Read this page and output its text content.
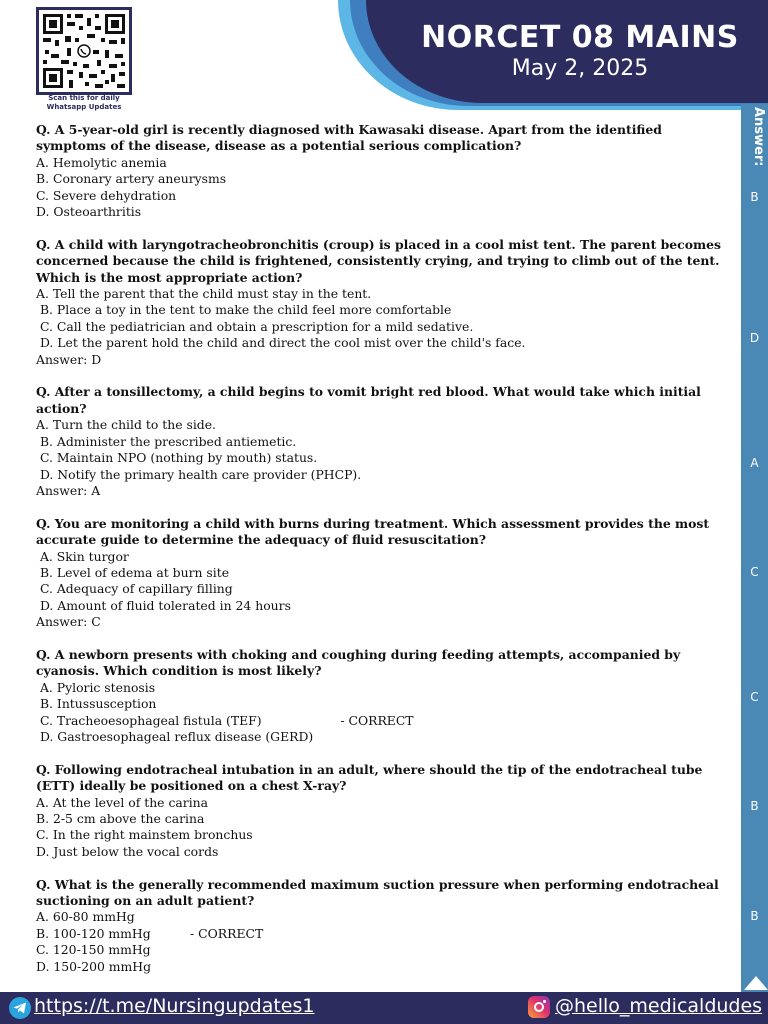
NORCET 08 MAINS
May 2, 2025
Scan this for daily Whatsapp Updates	Answer:
B
D
A
C
C
B
B
Q. A 5-year-old girl is recently diagnosed with Kawasaki disease. Apart from the identified symptoms of the disease, disease as a potential serious complication?
A. Hemolytic anemia
B. Coronary artery aneurysms
C. Severe dehydration
D. Osteoarthritis
Q. A child with laryngotracheobronchitis (croup) is placed in a cool mist tent. The parent becomes concerned because the child is frightened, consistently crying, and trying to climb out of the tent. Which is the most appropriate action?
A. Tell the parent that the child must stay in the tent.
B. Place a toy in the tent to make the child feel more comfortable
C. Call the pediatrician and obtain a prescription for a mild sedative.
D. Let the parent hold the child and direct the cool mist over the child's face.
Answer: D
Q. After a tonsillectomy, a child begins to vomit bright red blood. What would take which initial action?
A. Turn the child to the side.
B. Administer the prescribed antiemetic.
C. Maintain NPO (nothing by mouth) status.
D. Notify the primary health care provider (PHCP).
Answer: A
Q. You are monitoring a child with burns during treatment. Which assessment provides the most accurate guide to determine the adequacy of fluid resuscitation?
A. Skin turgor
B. Level of edema at burn site
C. Adequacy of capillary filling
D. Amount of fluid tolerated in 24 hours
Answer: C
Q. A newborn presents with choking and coughing during feeding attempts, accompanied by cyanosis. Which condition is most likely?
A. Pyloric stenosis
B. Intussusception
C. Tracheoesophageal fistula (TEF)                    - CORRECT
D. Gastroesophageal reflux disease (GERD)
Q. Following endotracheal intubation in an adult, where should the tip of the endotracheal tube (ETT) ideally be positioned on a chest X-ray?
A. At the level of the carina
B. 2-5 cm above the carina
C. In the right mainstem bronchus
D. Just below the vocal cords
Q. What is the generally recommended maximum suction pressure when performing endotracheal suctioning on an adult patient?
A. 60-80 mmHg
B. 100-120 mmHg          - CORRECT
C. 120-150 mmHg
D. 150-200 mmHg
https://t.me/Nursingupdates1	@hello_medicaldudes
